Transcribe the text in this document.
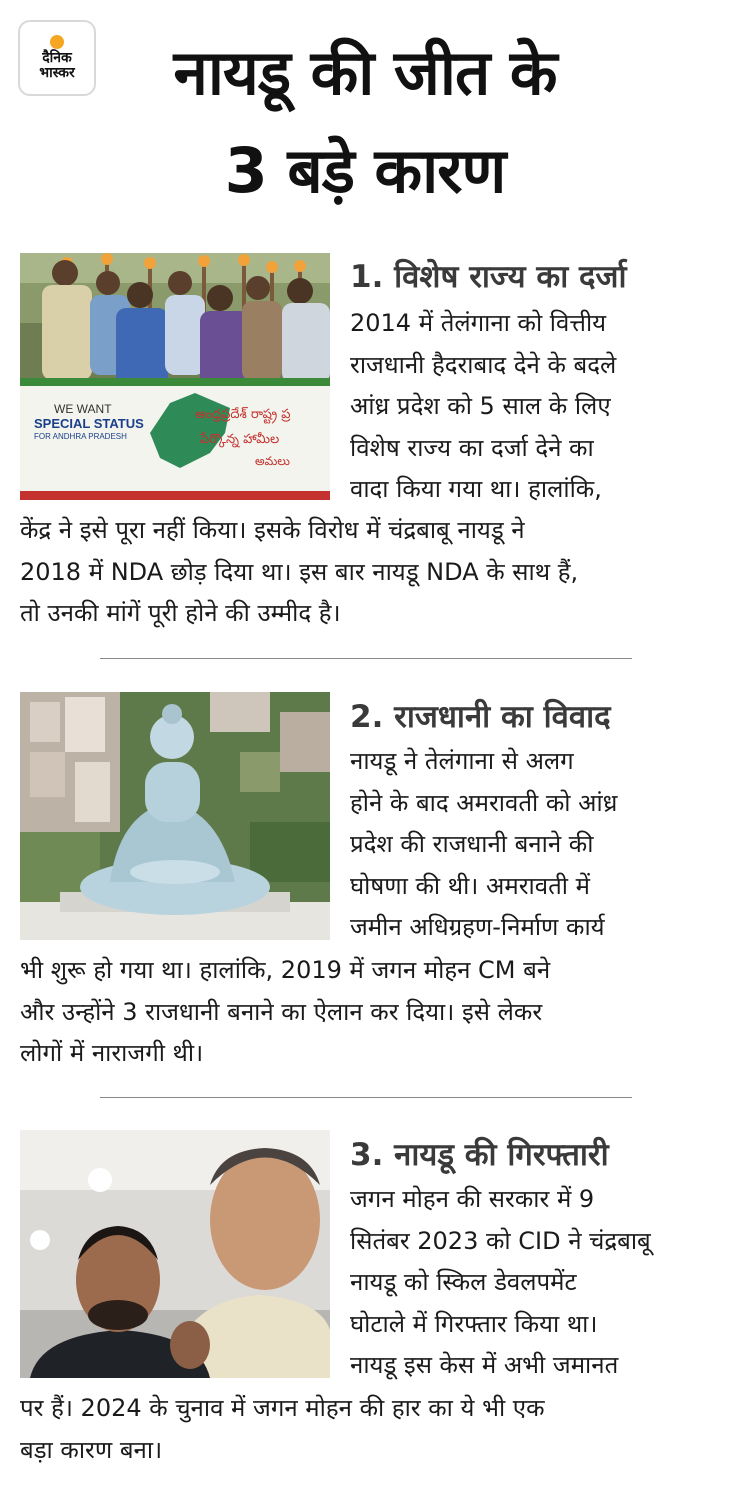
दैनिक
भास्कर	नायडू की जीत के
3 बड़े कारण
WE WANT
SPECIAL STATUS
FOR ANDHRA PRADESH
ఆంధ్రప్రదేశ్ రాష్ట్ర ప్ర
పేర్కొన్న హామీల
అమలు
1. विशेष राज्य का दर्जा
2014 में तेलंगाना को वित्तीय
राजधानी हैदराबाद देने के बदले
आंध्र प्रदेश को 5 साल के लिए
विशेष राज्य का दर्जा देने का
वादा किया गया था। हालांकि,
केंद्र ने इसे पूरा नहीं किया। इसके विरोध में चंद्रबाबू नायडू ने
2018 में NDA छोड़ दिया था। इस बार नायडू NDA के साथ हैं,
तो उनकी मांगें पूरी होने की उम्मीद है।
2. राजधानी का विवाद
नायडू ने तेलंगाना से अलग
होने के बाद अमरावती को आंध्र
प्रदेश की राजधानी बनाने की
घोषणा की थी। अमरावती में
जमीन अधिग्रहण-निर्माण कार्य
भी शुरू हो गया था। हालांकि, 2019 में जगन मोहन CM बने
और उन्होंने 3 राजधानी बनाने का ऐलान कर दिया। इसे लेकर
लोगों में नाराजगी थी।
3. नायडू की गिरफ्तारी
जगन मोहन की सरकार में 9
सितंबर 2023 को CID ने चंद्रबाबू
नायडू को स्किल डेवलपमेंट
घोटाले में गिरफ्तार किया था।
नायडू इस केस में अभी जमानत
पर हैं। 2024 के चुनाव में जगन मोहन की हार का ये भी एक
बड़ा कारण बना।
